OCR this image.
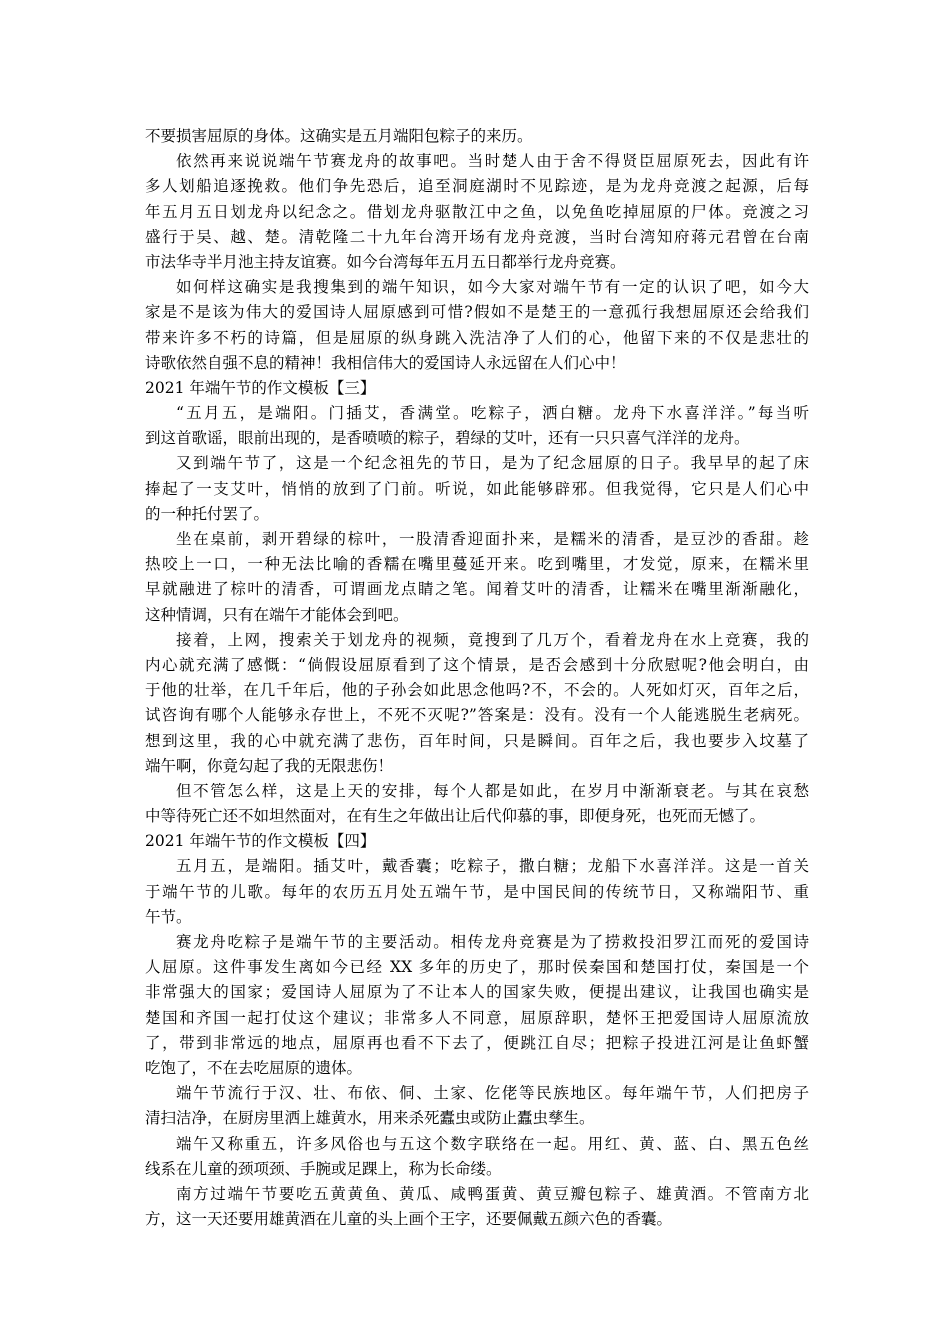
不要损害屈原的身体。这确实是五月端阳包粽子的来历。
依然再来说说端午节赛龙舟的故事吧。当时楚人由于舍不得贤臣屈原死去，因此有许
多人划船追逐挽救。他们争先恐后，追至洞庭湖时不见踪迹，是为龙舟竞渡之起源，后每
年五月五日划龙舟以纪念之。借划龙舟驱散江中之鱼，以免鱼吃掉屈原的尸体。竞渡之习
盛行于吴、越、楚。清乾隆二十九年台湾开场有龙舟竞渡，当时台湾知府蒋元君曾在台南
市法华寺半月池主持友谊赛。如今台湾每年五月五日都举行龙舟竞赛。
如何样这确实是我搜集到的端午知识，如今大家对端午节有一定的认识了吧，如今大
家是不是该为伟大的爱国诗人屈原感到可惜?假如不是楚王的一意孤行我想屈原还会给我们
带来许多不朽的诗篇，但是屈原的纵身跳入洗洁净了人们的心，他留下来的不仅是悲壮的
诗歌依然自强不息的精神！我相信伟大的爱国诗人永远留在人们心中！
2021 年端午节的作文模板【三】
“五月五，是端阳。门插艾，香满堂。吃粽子，洒白糖。龙舟下水喜洋洋。”每当听
到这首歌谣，眼前出现的，是香喷喷的粽子，碧绿的艾叶，还有一只只喜气洋洋的龙舟。
又到端午节了，这是一个纪念祖先的节日，是为了纪念屈原的日子。我早早的起了床
捧起了一支艾叶，悄悄的放到了门前。听说，如此能够辟邪。但我觉得，它只是人们心中
的一种托付罢了。
坐在桌前，剥开碧绿的棕叶，一股清香迎面扑来，是糯米的清香，是豆沙的香甜。趁
热咬上一口，一种无法比喻的香糯在嘴里蔓延开来。吃到嘴里，才发觉，原来，在糯米里
早就融进了棕叶的清香，可谓画龙点睛之笔。闻着艾叶的清香，让糯米在嘴里渐渐融化，
这种情调，只有在端午才能体会到吧。
接着，上网，搜索关于划龙舟的视频，竟搜到了几万个，看着龙舟在水上竞赛，我的
内心就充满了感慨：“倘假设屈原看到了这个情景，是否会感到十分欣慰呢?他会明白，由
于他的壮举，在几千年后，他的子孙会如此思念他吗?不，不会的。人死如灯灭，百年之后，
试咨询有哪个人能够永存世上，不死不灭呢?”答案是：没有。没有一个人能逃脱生老病死。
想到这里，我的心中就充满了悲伤，百年时间，只是瞬间。百年之后，我也要步入坟墓了
端午啊，你竟勾起了我的无限悲伤！
但不管怎么样，这是上天的安排，每个人都是如此，在岁月中渐渐衰老。与其在哀愁
中等待死亡还不如坦然面对，在有生之年做出让后代仰慕的事，即便身死，也死而无憾了。
2021 年端午节的作文模板【四】
五月五，是端阳。插艾叶，戴香囊；吃粽子，撒白糖；龙船下水喜洋洋。这是一首关
于端午节的儿歌。每年的农历五月处五端午节，是中国民间的传统节日，又称端阳节、重
午节。
赛龙舟吃粽子是端午节的主要活动。相传龙舟竞赛是为了捞救投汨罗江而死的爱国诗
人屈原。这件事发生离如今已经 XX 多年的历史了，那时侯秦国和楚国打仗，秦国是一个
非常强大的国家；爱国诗人屈原为了不让本人的国家失败，便提出建议，让我国也确实是
楚国和齐国一起打仗这个建议；非常多人不同意，屈原辞职，楚怀王把爱国诗人屈原流放
了，带到非常远的地点，屈原再也看不下去了，便跳江自尽；把粽子投进江河是让鱼虾蟹
吃饱了，不在去吃屈原的遗体。
端午节流行于汉、壮、布依、侗、土家、仡佬等民族地区。每年端午节，人们把房子
清扫洁净，在厨房里洒上雄黄水，用来杀死蠹虫或防止蠹虫孳生。
端午又称重五，许多风俗也与五这个数字联络在一起。用红、黄、蓝、白、黑五色丝
线系在儿童的颈项颈、手腕或足踝上，称为长命缕。
南方过端午节要吃五黄黄鱼、黄瓜、咸鸭蛋黄、黄豆瓣包粽子、雄黄酒。不管南方北
方，这一天还要用雄黄酒在儿童的头上画个王字，还要佩戴五颜六色的香囊。
